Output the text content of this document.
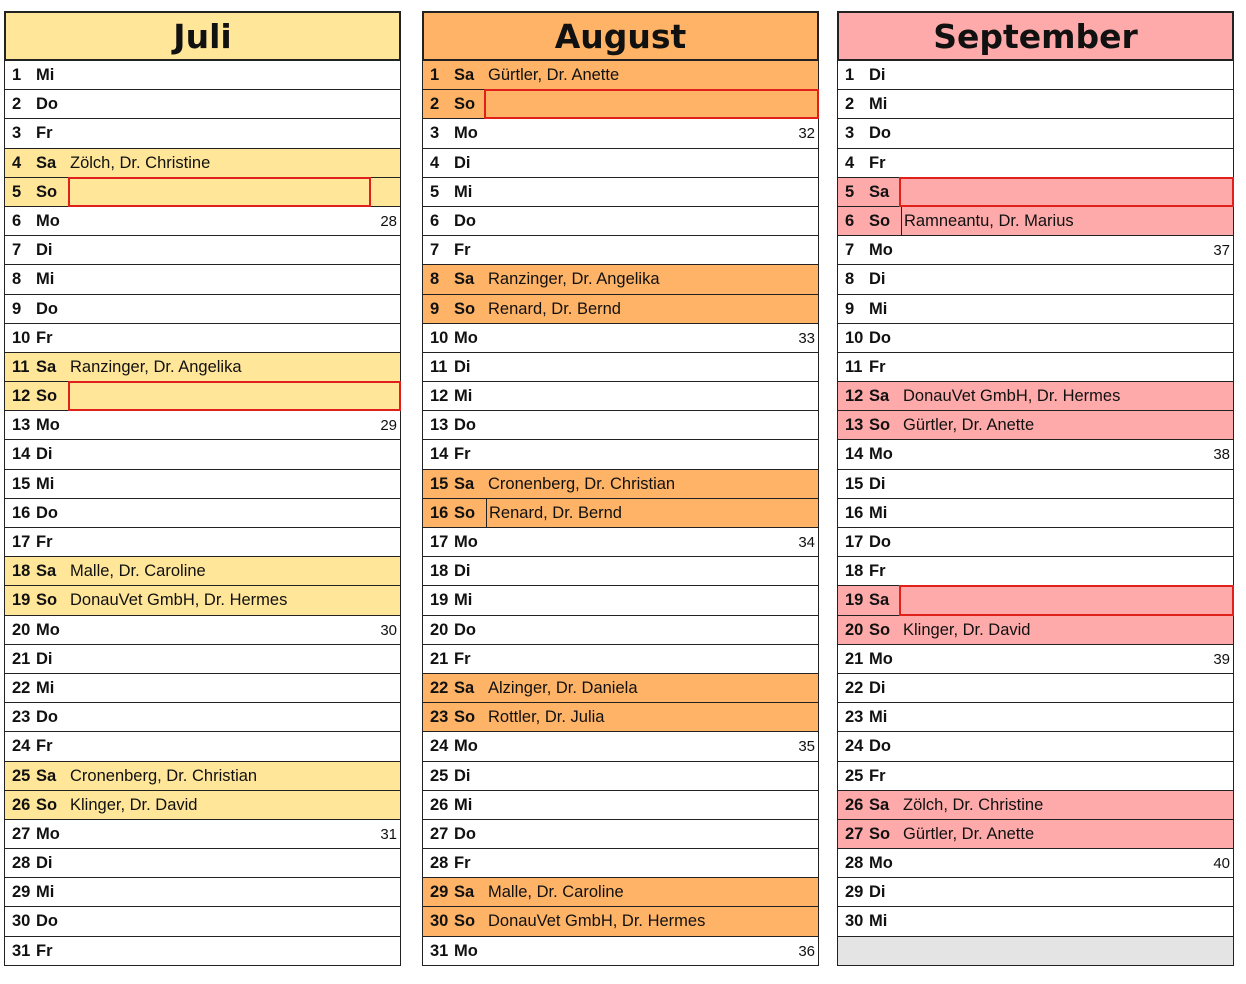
Juli
1 Mi
2 Do
3 Fr
4 Sa Zölch, Dr. Christine
5 So
6 Mo	28
7 Di
8 Mi
9 Do
10 Fr
11 Sa Ranzinger, Dr. Angelika
12 So
13 Mo	29
14 Di
15 Mi
16 Do
17 Fr
18 Sa Malle, Dr. Caroline
19 So DonauVet GmbH, Dr. Hermes
20 Mo	30
21 Di
22 Mi
23 Do
24 Fr
25 Sa Cronenberg, Dr. Christian
26 So Klinger, Dr. David
27 Mo	31
28 Di
29 Mi
30 Do
31 Fr
August
1 Sa Gürtler, Dr. Anette
2 So
3 Mo	32
4 Di
5 Mi
6 Do
7 Fr
8 Sa Ranzinger, Dr. Angelika
9 So Renard, Dr. Bernd
10 Mo	33
11 Di
12 Mi
13 Do
14 Fr
15 Sa Cronenberg, Dr. Christian
16 So Renard, Dr. Bernd
17 Mo	34
18 Di
19 Mi
20 Do
21 Fr
22 Sa Alzinger, Dr. Daniela
23 So Rottler, Dr. Julia
24 Mo	35
25 Di
26 Mi
27 Do
28 Fr
29 Sa Malle, Dr. Caroline
30 So DonauVet GmbH, Dr. Hermes
31 Mo	36
September
1 Di
2 Mi
3 Do
4 Fr
5 Sa
6 So Ramneantu, Dr. Marius
7 Mo	37
8 Di
9 Mi
10 Do
11 Fr
12 Sa DonauVet GmbH, Dr. Hermes
13 So Gürtler, Dr. Anette
14 Mo	38
15 Di
16 Mi
17 Do
18 Fr
19 Sa
20 So Klinger, Dr. David
21 Mo	39
22 Di
23 Mi
24 Do
25 Fr
26 Sa Zölch, Dr. Christine
27 So Gürtler, Dr. Anette
28 Mo	40
29 Di
30 Mi
